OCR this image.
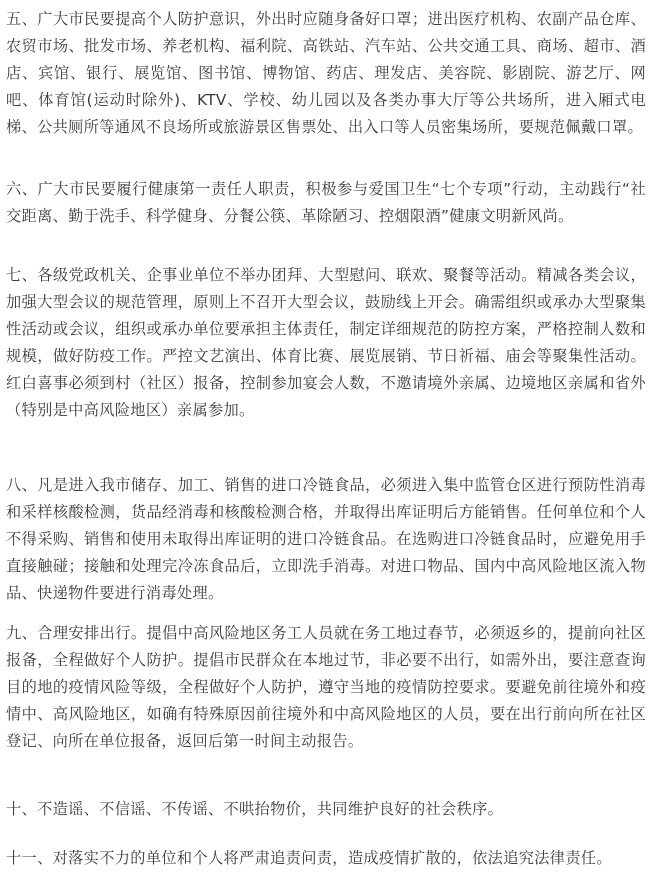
五、广大市民要提高个人防护意识，外出时应随身备好口罩；进出医疗机构、农副产品仓库、农贸市场、批发市场、养老机构、福利院、高铁站、汽车站、公共交通工具、商场、超市、酒店、宾馆、银行、展览馆、图书馆、博物馆、药店、理发店、美容院、影剧院、游艺厅、网吧、体育馆(运动时除外)、KTV、学校、幼儿园以及各类办事大厅等公共场所，进入厢式电梯、公共厕所等通风不良场所或旅游景区售票处、出入口等人员密集场所，要规范佩戴口罩。

六、广大市民要履行健康第一责任人职责，积极参与爱国卫生“七个专项”行动，主动践行“社交距离、勤于洗手、科学健身、分餐公筷、革除陋习、控烟限酒”健康文明新风尚。

七、各级党政机关、企事业单位不举办团拜、大型慰问、联欢、聚餐等活动。精减各类会议，加强大型会议的规范管理，原则上不召开大型会议，鼓励线上开会。确需组织或承办大型聚集性活动或会议，组织或承办单位要承担主体责任，制定详细规范的防控方案，严格控制人数和规模，做好防疫工作。严控文艺演出、体育比赛、展览展销、节日祈福、庙会等聚集性活动。红白喜事必须到村（社区）报备，控制参加宴会人数，不邀请境外亲属、边境地区亲属和省外（特别是中高风险地区）亲属参加。

八、凡是进入我市储存、加工、销售的进口冷链食品，必须进入集中监管仓区进行预防性消毒和采样核酸检测，货品经消毒和核酸检测合格，并取得出库证明后方能销售。任何单位和个人不得采购、销售和使用未取得出库证明的进口冷链食品。在选购进口冷链食品时，应避免用手直接触碰；接触和处理完冷冻食品后，立即洗手消毒。对进口物品、国内中高风险地区流入物品、快递物件要进行消毒处理。

九、合理安排出行。提倡中高风险地区务工人员就在务工地过春节，必须返乡的，提前向社区报备，全程做好个人防护。提倡市民群众在本地过节，非必要不出行，如需外出，要注意查询目的地的疫情风险等级，全程做好个人防护，遵守当地的疫情防控要求。要避免前往境外和疫情中、高风险地区，如确有特殊原因前往境外和中高风险地区的人员，要在出行前向所在社区登记、向所在单位报备，返回后第一时间主动报告。

十、不造谣、不信谣、不传谣、不哄抬物价，共同维护良好的社会秩序。

十一、对落实不力的单位和个人将严肃追责问责，造成疫情扩散的，依法追究法律责任。
